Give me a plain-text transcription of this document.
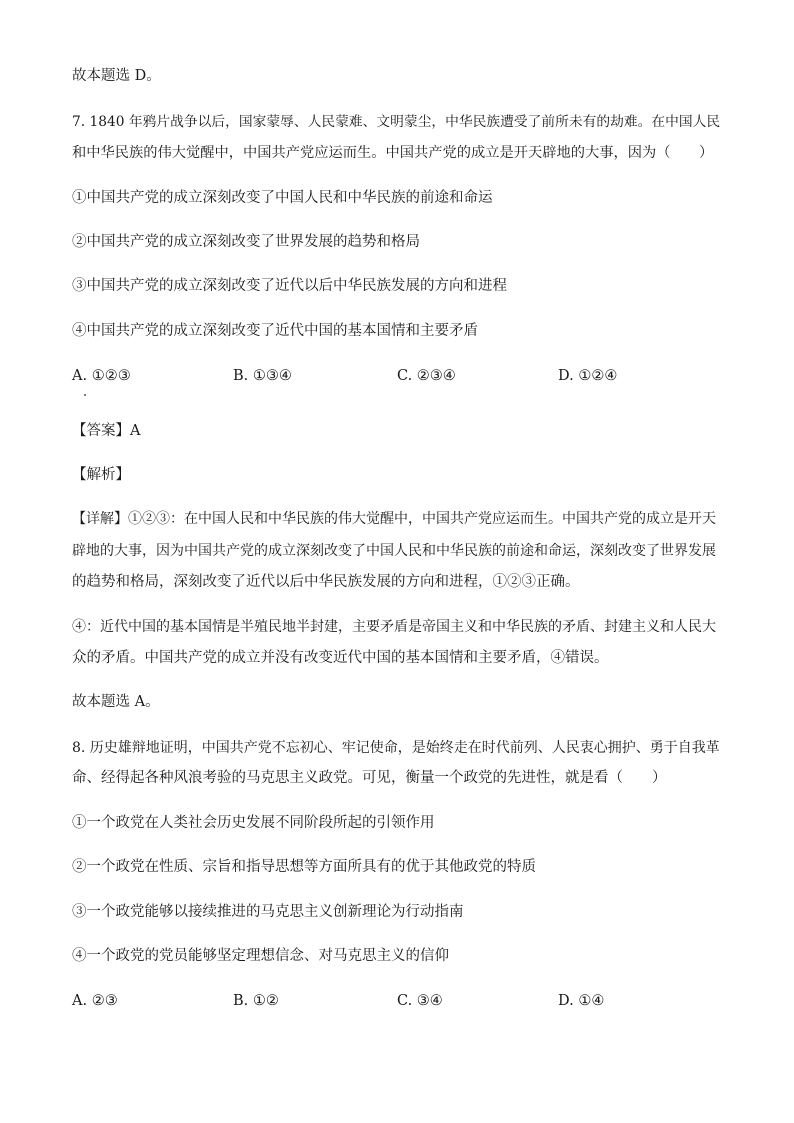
故本题选 D。
7. 1840 年鸦片战争以后，国家蒙辱、人民蒙难、文明蒙尘，中华民族遭受了前所未有的劫难。在中国人民
和中华民族的伟大觉醒中，中国共产党应运而生。中国共产党的成立是开天辟地的大事，因为（　　）
①中国共产党的成立深刻改变了中国人民和中华民族的前途和命运
②中国共产党的成立深刻改变了世界发展的趋势和格局
③中国共产党的成立深刻改变了近代以后中华民族发展的方向和进程
④中国共产党的成立深刻改变了近代中国的基本国情和主要矛盾
A. ①②③	B. ①③④	C. ②③④	D. ①②④
【答案】A
【解析】
【详解】①②③：在中国人民和中华民族的伟大觉醒中，中国共产党应运而生。中国共产党的成立是开天
辟地的大事，因为中国共产党的成立深刻改变了中国人民和中华民族的前途和命运，深刻改变了世界发展
的趋势和格局，深刻改变了近代以后中华民族发展的方向和进程，①②③正确。
④：近代中国的基本国情是半殖民地半封建，主要矛盾是帝国主义和中华民族的矛盾、封建主义和人民大
众的矛盾。中国共产党的成立并没有改变近代中国的基本国情和主要矛盾，④错误。
故本题选 A。
8. 历史雄辩地证明，中国共产党不忘初心、牢记使命，是始终走在时代前列、人民衷心拥护、勇于自我革
命、经得起各种风浪考验的马克思主义政党。可见，衡量一个政党的先进性，就是看（　　）
①一个政党在人类社会历史发展不同阶段所起的引领作用
②一个政党在性质、宗旨和指导思想等方面所具有的优于其他政党的特质
③一个政党能够以接续推进的马克思主义创新理论为行动指南
④一个政党的党员能够坚定理想信念、对马克思主义的信仰
A. ②③	B. ①②	C. ③④	D. ①④
